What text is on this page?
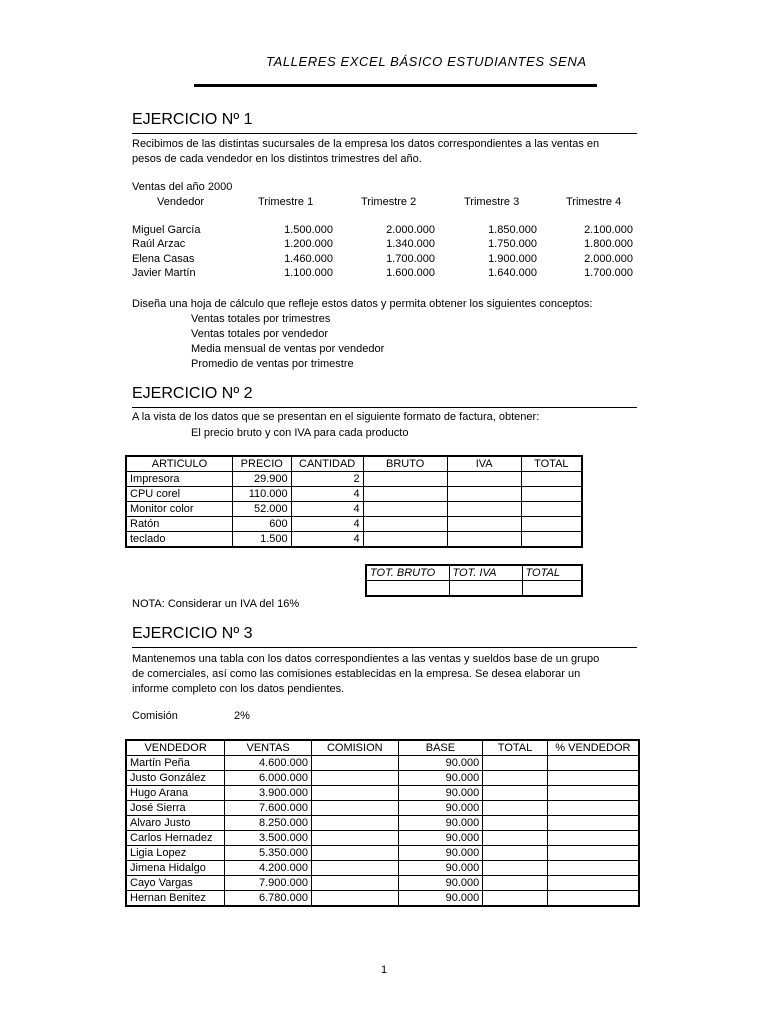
TALLERES EXCEL BÁSICO ESTUDIANTES SENA
EJERCICIO Nº 1

Recibimos de las distintas sucursales de la empresa los datos correspondientes a las ventas en

pesos de cada vendedor en los distintos trimestres del año.

Ventas del año 2000

Vendedor	Trimestre 1	Trimestre 2	Trimestre 3	Trimestre 4
Miguel García	1.500.000	2.000.000	1.850.000	2.100.000
Raúl Arzac	1.200.000	1.340.000	1.750.000	1.800.000
Elena Casas	1.460.000	1.700.000	1.900.000	2.000.000
Javier Martín	1.100.000	1.600.000	1.640.000	1.700.000

Diseña una hoja de cálculo que refleje estos datos y permita obtener los siguientes conceptos:

Ventas totales por trimestres
Ventas totales por vendedor
Media mensual de ventas por vendedor
Promedio de ventas por trimestre
EJERCICIO Nº 2

A la vista de los datos que se presentan en el siguiente formato de factura, obtener:

El precio bruto y con IVA para cada producto

ARTICULO	PRECIO	CANTIDAD	BRUTO	IVA	TOTAL
Impresora	29.900	2			
CPU corel	110.000	4			
Monitor color	52.000	4			
Ratón	600	4			
teclado	1.500	4			
TOT. BRUTO	TOT. IVA	TOTAL

NOTA: Considerar un IVA del 16%

EJERCICIO Nº 3

Mantenemos una tabla con los datos correspondientes a las ventas y sueldos base de un grupo

de comerciales, así como las comisiones establecidas en la empresa. Se desea elaborar un

informe completo con los datos pendientes.

Comisión	2%
VENDEDOR	VENTAS	COMISION	BASE	TOTAL	% VENDEDOR
Martín Peña	4.600.000		90.000		
Justo González	6.000.000		90.000		
Hugo Arana	3.900.000		90.000		
José Sierra	7.600.000		90.000		
Alvaro Justo	8.250.000		90.000		
Carlos Hernadez	3.500.000		90.000		
Ligia Lopez	5.350.000		90.000		
Jimena Hidalgo	4.200.000		90.000		
Cayo Vargas	7.900.000		90.000		
Hernan Benitez	6.780.000		90.000		
1
